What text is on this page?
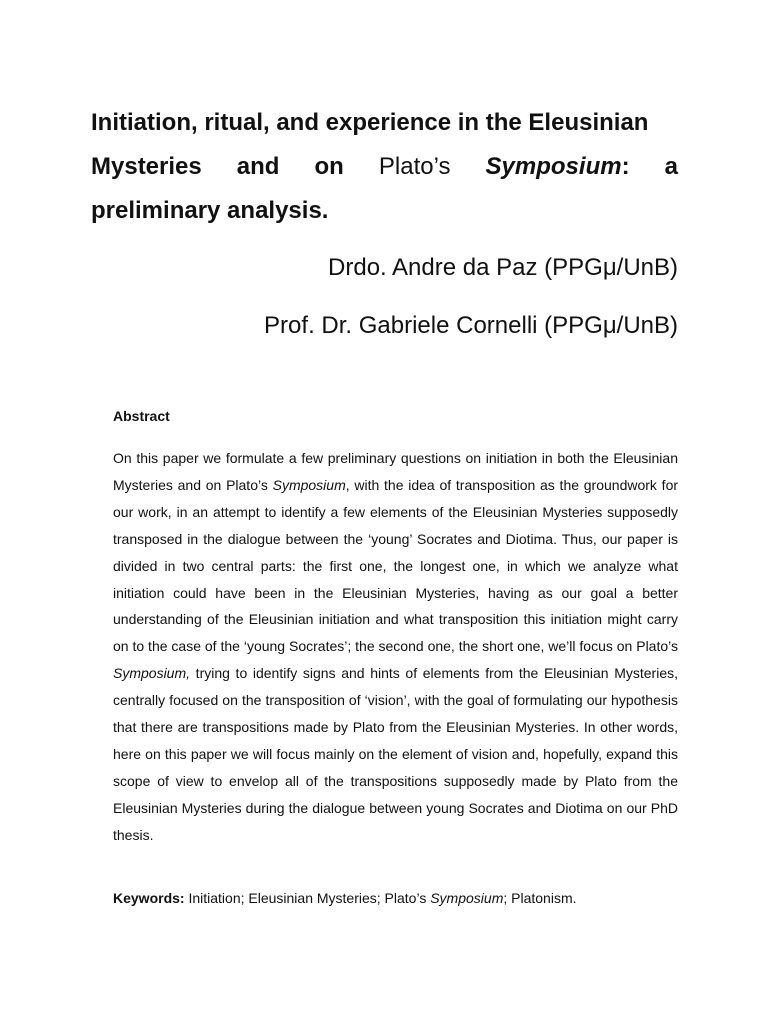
Initiation, ritual, and experience in the Eleusinian
Mysteries and on Plato’s Symposium: a
preliminary analysis.

Drdo. Andre da Paz (PPGμ/UnB)

Prof. Dr. Gabriele Cornelli (PPGμ/UnB)

Abstract

On this paper we formulate a few preliminary questions on initiation in both the Eleusinian Mysteries and on Plato’s Symposium, with the idea of transposition as the groundwork for our work, in an attempt to identify a few elements of the Eleusinian Mysteries supposedly transposed in the dialogue between the ‘young’ Socrates and Diotima. Thus, our paper is divided in two central parts: the first one, the longest one, in which we analyze what initiation could have been in the Eleusinian Mysteries, having as our goal a better understanding of the Eleusinian initiation and what transposition this initiation might carry on to the case of the ‘young Socrates’; the second one, the short one, we’ll focus on Plato’s Symposium, trying to identify signs and hints of elements from the Eleusinian Mysteries, centrally focused on the transposition of ‘vision’, with the goal of formulating our hypothesis that there are transpositions made by Plato from the Eleusinian Mysteries. In other words, here on this paper we will focus mainly on the element of vision and, hopefully, expand this scope of view to envelop all of the transpositions supposedly made by Plato from the Eleusinian Mysteries during the dialogue between young Socrates and Diotima on our PhD thesis.

Keywords: Initiation; Eleusinian Mysteries; Plato’s Symposium; Platonism.
